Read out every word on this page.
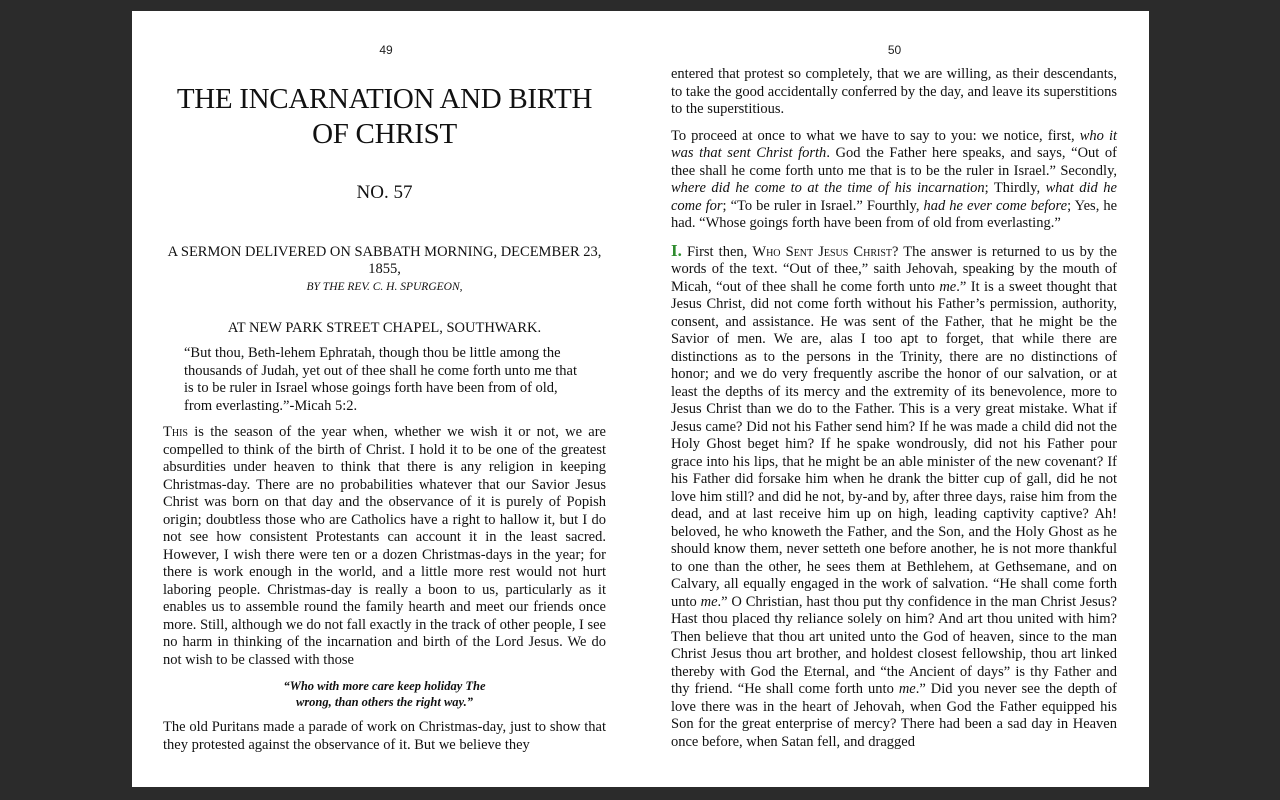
49

THE INCARNATION AND BIRTH OF CHRIST

NO. 57

A SERMON DELIVERED ON SABBATH MORNING, DECEMBER 23, 1855,

BY THE REV. C. H. SPURGEON,

AT NEW PARK STREET CHAPEL, SOUTHWARK.

“But thou, Beth-lehem Ephratah, though thou be little among the thousands of Judah, yet out of thee shall he come forth unto me that is to be ruler in Israel whose goings forth have been from of old, from everlasting.”-Micah 5:2.

This is the season of the year when, whether we wish it or not, we are compelled to think of the birth of Christ. I hold it to be one of the greatest absurdities under heaven to think that there is any religion in keeping Christmas-day. There are no probabilities whatever that our Savior Jesus Christ was born on that day and the observance of it is purely of Popish origin; doubtless those who are Catholics have a right to hallow it, but I do not see how consistent Protestants can account it in the least sacred. However, I wish there were ten or a dozen Christmas-days in the year; for there is work enough in the world, and a little more rest would not hurt laboring people. Christmas-day is really a boon to us, particularly as it enables us to assemble round the family hearth and meet our friends once more. Still, although we do not fall exactly in the track of other people, I see no harm in thinking of the incarnation and birth of the Lord Jesus. We do not wish to be classed with those

“Who with more care keep holiday The
wrong, than others the right way.”

The old Puritans made a parade of work on Christmas-day, just to show that they protested against the observance of it. But we believe they

50

entered that protest so completely, that we are willing, as their descendants, to take the good accidentally conferred by the day, and leave its superstitions to the superstitious.

To proceed at once to what we have to say to you: we notice, first, who it was that sent Christ forth. God the Father here speaks, and says, “Out of thee shall he come forth unto me that is to be the ruler in Israel.” Secondly, where did he come to at the time of his incarnation; Thirdly, what did he come for; “To be ruler in Israel.” Fourthly, had he ever come before; Yes, he had. “Whose goings forth have been from of old from everlasting.”

I. First then, Who Sent Jesus Christ? The answer is returned to us by the words of the text. “Out of thee,” saith Jehovah, speaking by the mouth of Micah, “out of thee shall he come forth unto me.” It is a sweet thought that Jesus Christ, did not come forth without his Father’s permission, authority, consent, and assistance. He was sent of the Father, that he might be the Savior of men. We are, alas I too apt to forget, that while there are distinctions as to the persons in the Trinity, there are no distinctions of honor; and we do very frequently ascribe the honor of our salvation, or at least the depths of its mercy and the extremity of its benevolence, more to Jesus Christ than we do to the Father. This is a very great mistake. What if Jesus came? Did not his Father send him? If he was made a child did not the Holy Ghost beget him? If he spake wondrously, did not his Father pour grace into his lips, that he might be an able minister of the new covenant? If his Father did forsake him when he drank the bitter cup of gall, did he not love him still? and did he not, by-and by, after three days, raise him from the dead, and at last receive him up on high, leading captivity captive? Ah! beloved, he who knoweth the Father, and the Son, and the Holy Ghost as he should know them, never setteth one before another, he is not more thankful to one than the other, he sees them at Bethlehem, at Gethsemane, and on Calvary, all equally engaged in the work of salvation. “He shall come forth unto me.” O Christian, hast thou put thy confidence in the man Christ Jesus? Hast thou placed thy reliance solely on him? And art thou united with him? Then believe that thou art united unto the God of heaven, since to the man Christ Jesus thou art brother, and holdest closest fellowship, thou art linked thereby with God the Eternal, and “the Ancient of days” is thy Father and thy friend. “He shall come forth unto me.” Did you never see the depth of love there was in the heart of Jehovah, when God the Father equipped his Son for the great enterprise of mercy? There had been a sad day in Heaven once before, when Satan fell, and dragged
